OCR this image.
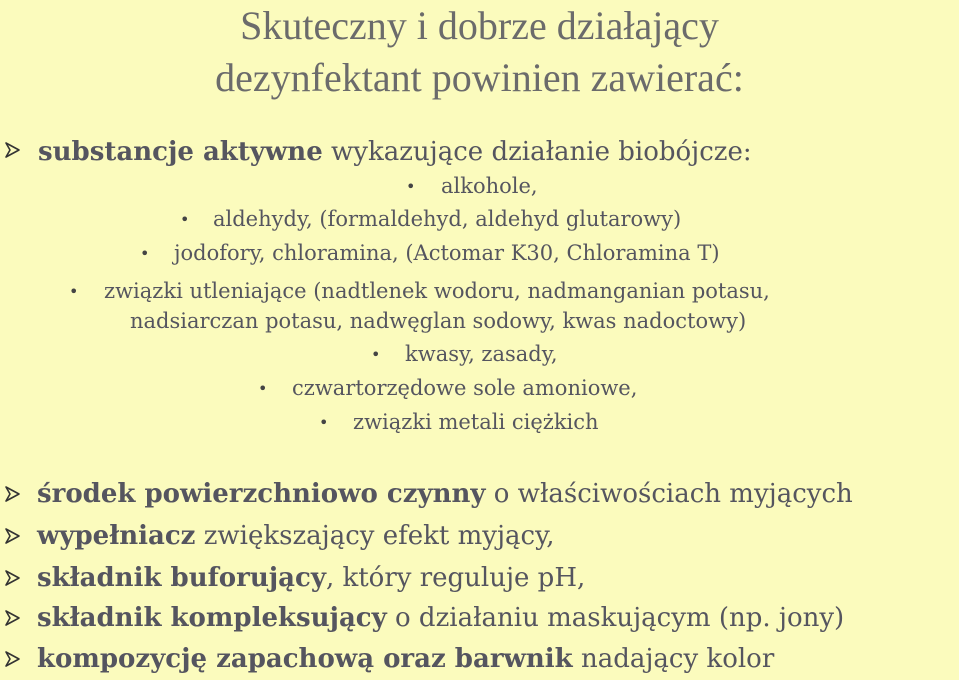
Skuteczny i dobrze działający
dezynfektant powinien zawierać:
substancje aktywne wykazujące działanie biobójcze:
• alkohole,
• aldehydy, (formaldehyd, aldehyd glutarowy)
• jodofory, chloramina, (Actomar K30, Chloramina T)
• związki utleniające (nadtlenek wodoru, nadmanganian potasu,
nadsiarczan potasu, nadwęglan sodowy, kwas nadoctowy)
• kwasy, zasady,
• czwartorzędowe sole amoniowe,
• związki metali ciężkich
środek powierzchniowo czynny o właściwościach myjących
wypełniacz zwiększający efekt myjący,
składnik buforujący, który reguluje pH,
składnik kompleksujący o działaniu maskującym (np. jony)
kompozycję zapachową oraz barwnik nadający kolor
